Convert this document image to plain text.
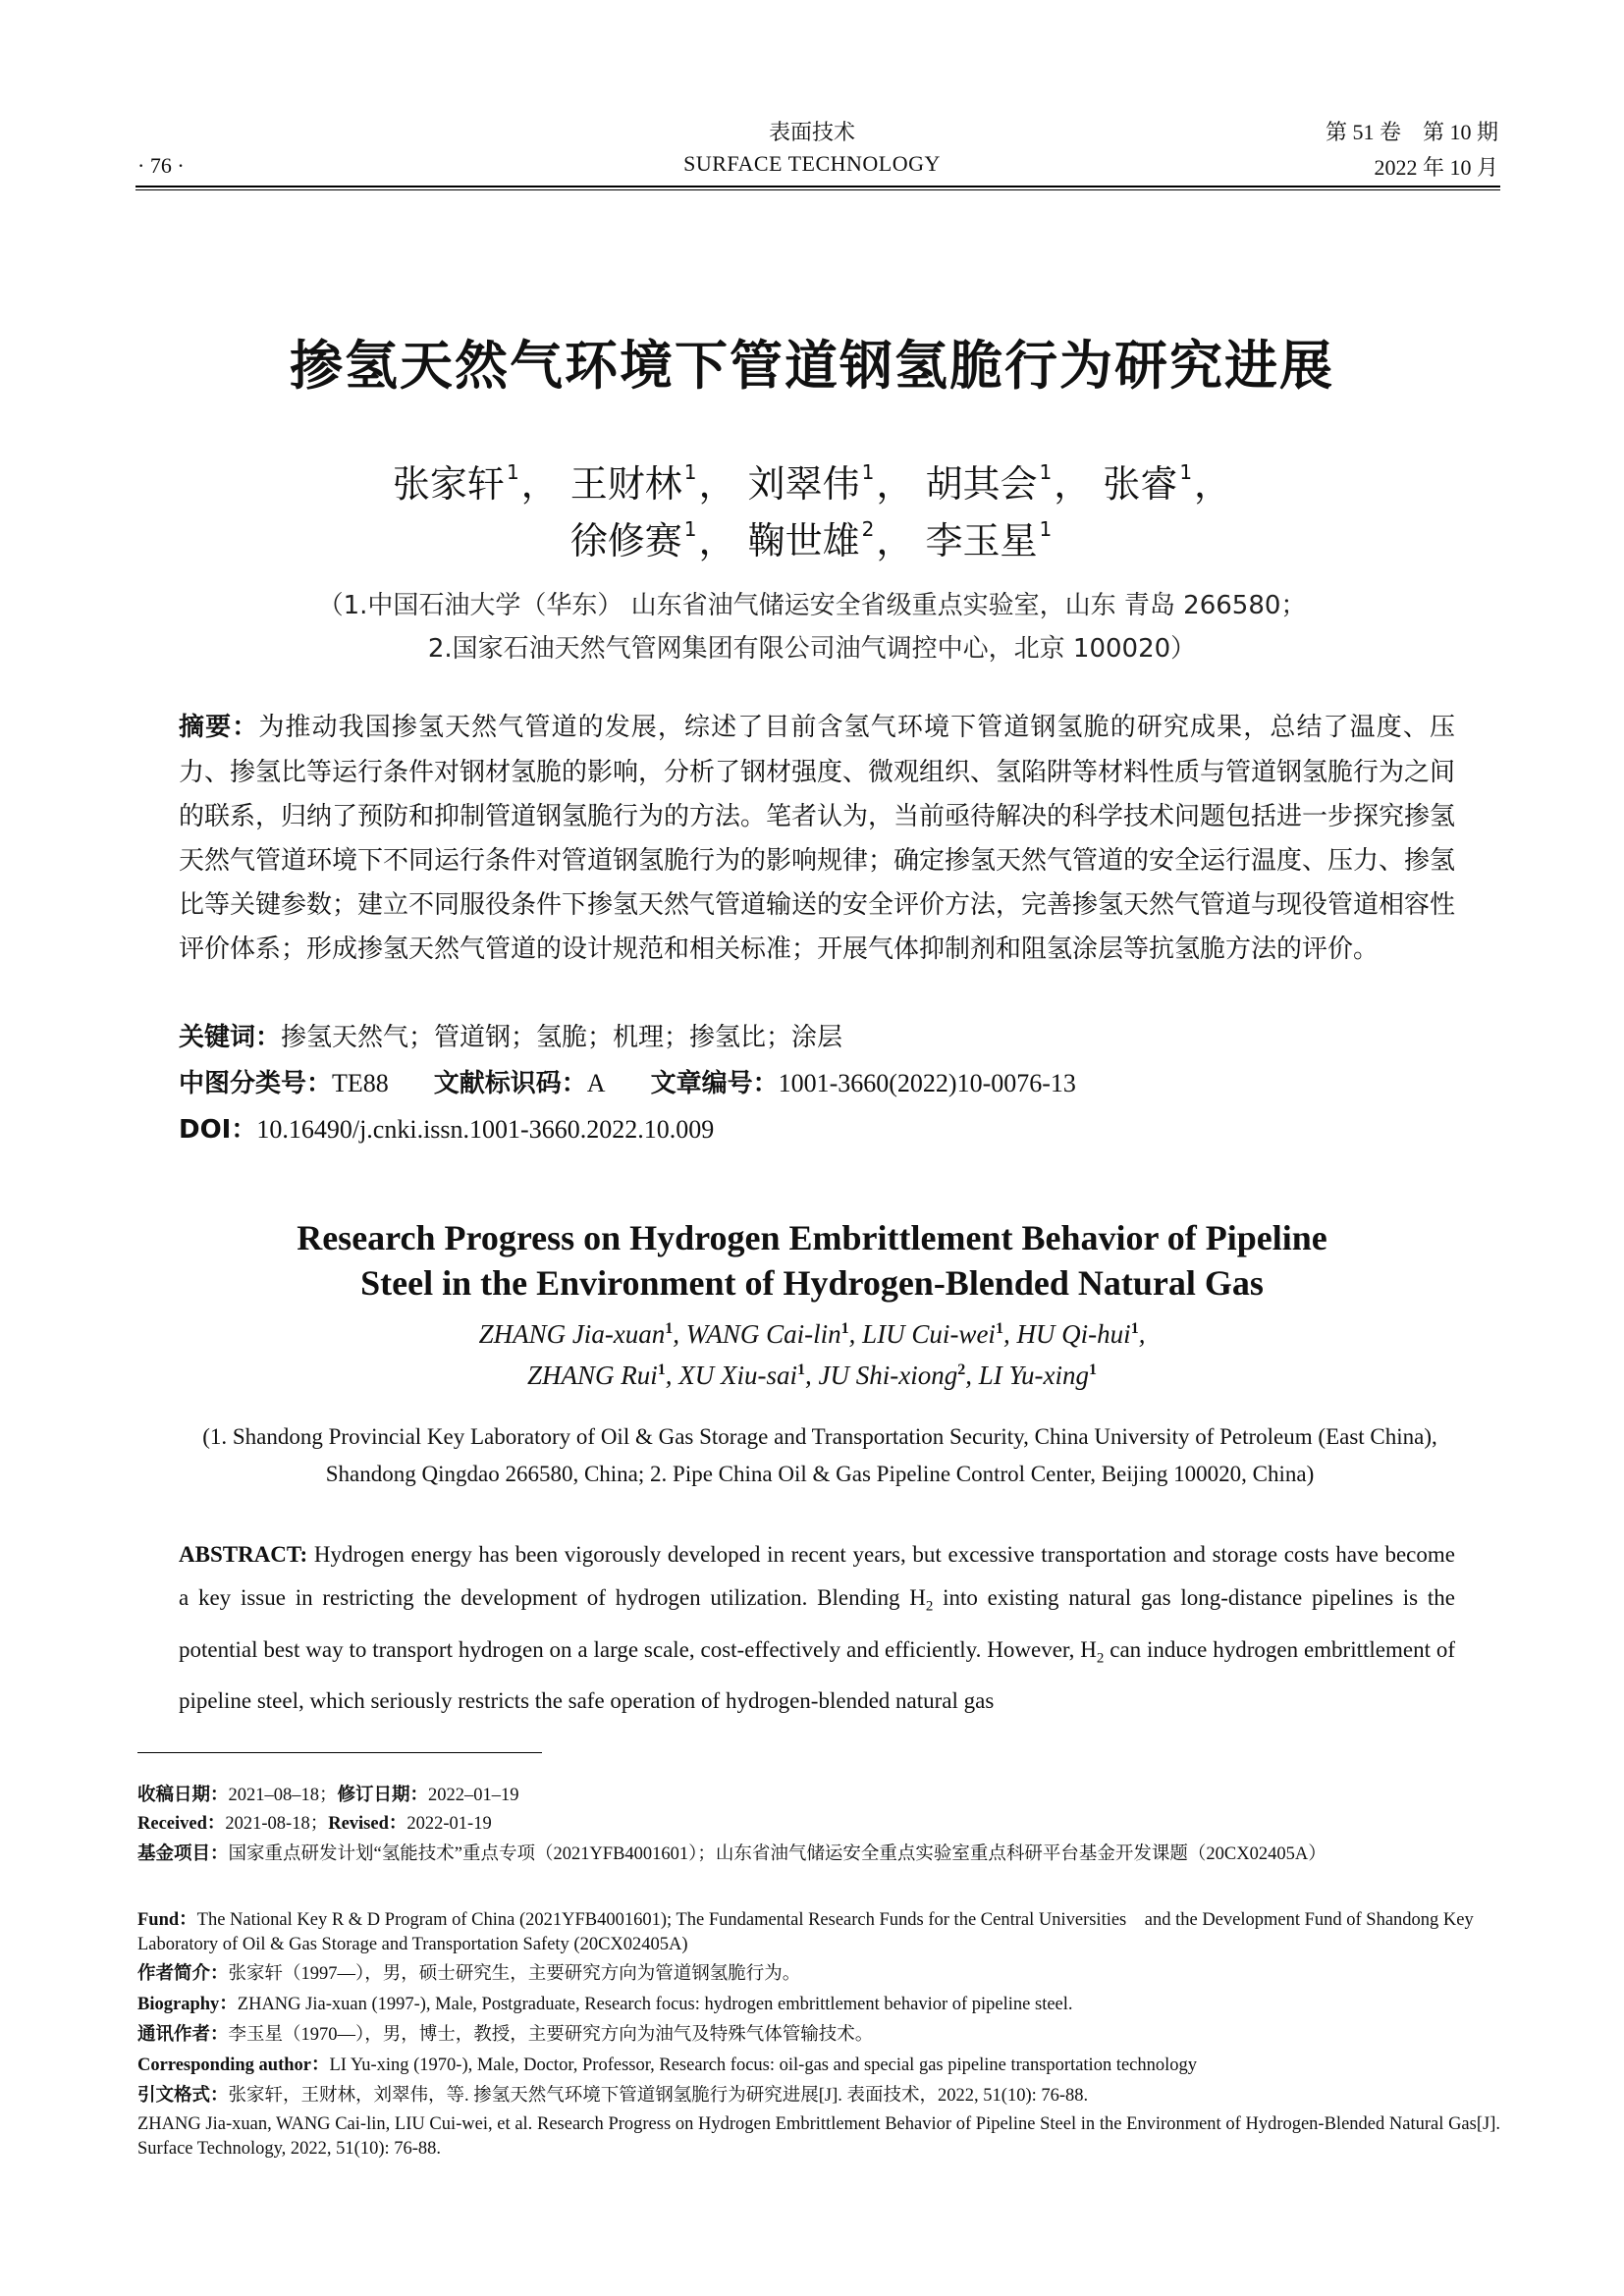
表面技术
SURFACE TECHNOLOGY
· 76 ·
第 51 卷　第 10 期
2022 年 10 月
掺氢天然气环境下管道钢氢脆行为研究进展
张家轩 $^1$， 王财林 $^1$， 刘翠伟 $^1$， 胡其会 $^1$， 张睿 $^1$，
徐修赛 $^1$， 鞠世雄 $^2$， 李玉星 $^1$
（1.中国石油大学（华东） 山东省油气储运安全省级重点实验室，山东 青岛 266580；
2.国家石油天然气管网集团有限公司油气调控中心，北京 100020）
摘要：为推动我国掺氢天然气管道的发展，综述了目前含氢气环境下管道钢氢脆的研究成果，总结了温度、压力、掺氢比等运行条件对钢材氢脆的影响，分析了钢材强度、微观组织、氢陷阱等材料性质与管道钢氢脆行为之间的联系，归纳了预防和抑制管道钢氢脆行为的方法。笔者认为，当前亟待解决的科学技术问题包括进一步探究掺氢天然气管道环境下不同运行条件对管道钢氢脆行为的影响规律；确定掺氢天然气管道的安全运行温度、压力、掺氢比等关键参数；建立不同服役条件下掺氢天然气管道输送的安全评价方法，完善掺氢天然气管道与现役管道相容性评价体系；形成掺氢天然气管道的设计规范和相关标准；开展气体抑制剂和阻氢涂层等抗氢脆方法的评价。
关键词：掺氢天然气；管道钢；氢脆；机理；掺氢比；涂层
中图分类号：TE88 文献标识码：A 文章编号：1001-3660(2022)10-0076-13
DOI：10.16490/j.cnki.issn.1001-3660.2022.10.009
Research Progress on Hydrogen Embrittlement Behavior of Pipeline
Steel in the Environment of Hydrogen-Blended Natural Gas
ZHANG Jia-xuan$^1$, WANG Cai-lin$^1$, LIU Cui-wei$^1$, HU Qi-hui$^1$,
ZHANG Rui$^1$, XU Xiu-sai$^1$, JU Shi-xiong$^2$, LI Yu-xing$^1$
(1. Shandong Provincial Key Laboratory of Oil & Gas Storage and Transportation Security, China University of Petroleum (East China), Shandong Qingdao 266580, China; 2. Pipe China Oil & Gas Pipeline Control Center, Beijing 100020, China)
ABSTRACT: Hydrogen energy has been vigorously developed in recent years, but excessive transportation and storage costs have become a key issue in restricting the development of hydrogen utilization. Blending $H_2$ into existing natural gas long-distance pipelines is the potential best way to transport hydrogen on a large scale, cost-effectively and efficiently. However, $H_2$ can induce hydrogen embrittlement of pipeline steel, which seriously restricts the safe operation of hydrogen-blended natural gas
收稿日期：2021–08–18；修订日期：2022–01–19
Received：2021-08-18；Revised：2022-01-19
基金项目：国家重点研发计划“氢能技术”重点专项（2021YFB4001601）；山东省油气储运安全重点实验室重点科研平台基金开发课题（20CX02405A）
Fund：The National Key R & D Program of China (2021YFB4001601); The Fundamental Research Funds for the Central Universities　and the Development Fund of Shandong Key Laboratory of Oil & Gas Storage and Transportation Safety (20CX02405A)
作者简介：张家轩（1997—），男，硕士研究生，主要研究方向为管道钢氢脆行为。
Biography：ZHANG Jia-xuan (1997-), Male, Postgraduate, Research focus: hydrogen embrittlement behavior of pipeline steel.
通讯作者：李玉星（1970—），男，博士，教授，主要研究方向为油气及特殊气体管输技术。
Corresponding author：LI Yu-xing (1970-), Male, Doctor, Professor, Research focus: oil-gas and special gas pipeline transportation technology
引文格式：张家轩，王财林，刘翠伟，等. 掺氢天然气环境下管道钢氢脆行为研究进展[J]. 表面技术，2022, 51(10): 76-88.
ZHANG Jia-xuan, WANG Cai-lin, LIU Cui-wei, et al. Research Progress on Hydrogen Embrittlement Behavior of Pipeline Steel in the Environment of Hydrogen-Blended Natural Gas[J]. Surface Technology, 2022, 51(10): 76-88.
